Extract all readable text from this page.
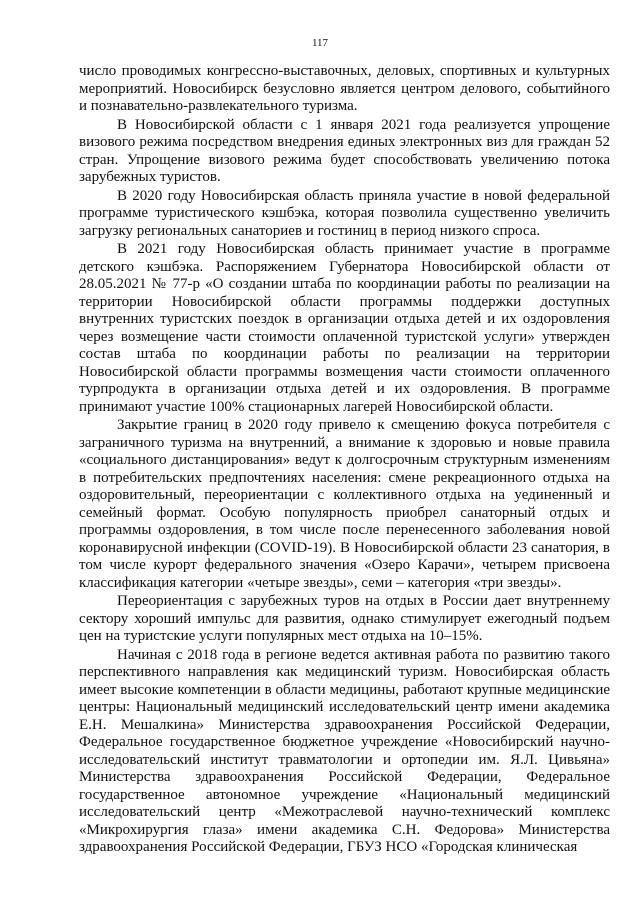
117

число проводимых конгрессно-выставочных, деловых, спортивных и культурных мероприятий. Новосибирск безусловно является центром делового, событийного и познавательно-развлекательного туризма.

В Новосибирской области с 1 января 2021 года реализуется упрощение визового режима посредством внедрения единых электронных виз для граждан 52 стран. Упрощение визового режима будет способствовать увеличению потока зарубежных туристов.

В 2020 году Новосибирская область приняла участие в новой федеральной программе туристического кэшбэка, которая позволила существенно увеличить загрузку региональных санаториев и гостиниц в период низкого спроса.

В 2021 году Новосибирская область принимает участие в программе детского кэшбэка. Распоряжением Губернатора Новосибирской области от 28.05.2021 № 77-р «О создании штаба по координации работы по реализации на территории Новосибирской области программы поддержки доступных внутренних туристских поездок в организации отдыха детей и их оздоровления через возмещение части стоимости оплаченной туристской услуги» утвержден состав штаба по координации работы по реализации на территории Новосибирской области программы возмещения части стоимости оплаченного турпродукта в организации отдыха детей и их оздоровления. В программе принимают участие 100% стационарных лагерей Новосибирской области.

Закрытие границ в 2020 году привело к смещению фокуса потребителя с заграничного туризма на внутренний, а внимание к здоровью и новые правила «социального дистанцирования» ведут к долгосрочным структурным изменениям в потребительских предпочтениях населения: смене рекреационного отдыха на оздоровительный, переориентации с коллективного отдыха на уединенный и семейный формат. Особую популярность приобрел санаторный отдых и программы оздоровления, в том числе после перенесенного заболевания новой коронавирусной инфекции (COVID-19). В Новосибирской области 23 санатория, в том числе курорт федерального значения «Озеро Карачи», четырем присвоена классификация категории «четыре звезды», семи – категория «три звезды».

Переориентация с зарубежных туров на отдых в России дает внутреннему сектору хороший импульс для развития, однако стимулирует ежегодный подъем цен на туристские услуги популярных мест отдыха на 10–15%.

Начиная с 2018 года в регионе ведется активная работа по развитию такого перспективного направления как медицинский туризм. Новосибирская область имеет высокие компетенции в области медицины, работают крупные медицинские центры: Национальный медицинский исследовательский центр имени академика Е.Н. Мешалкина» Министерства здравоохранения Российской Федерации, Федеральное государственное бюджетное учреждение «Новосибирский научно-исследовательский институт травматологии и ортопедии им. Я.Л. Цивьяна» Министерства здравоохранения Российской Федерации, Федеральное государственное автономное учреждение «Национальный медицинский исследовательский центр «Межотраслевой научно-технический комплекс «Микрохирургия глаза» имени академика С.Н. Федорова» Министерства здравоохранения Российской Федерации, ГБУЗ НСО «Городская клиническая
